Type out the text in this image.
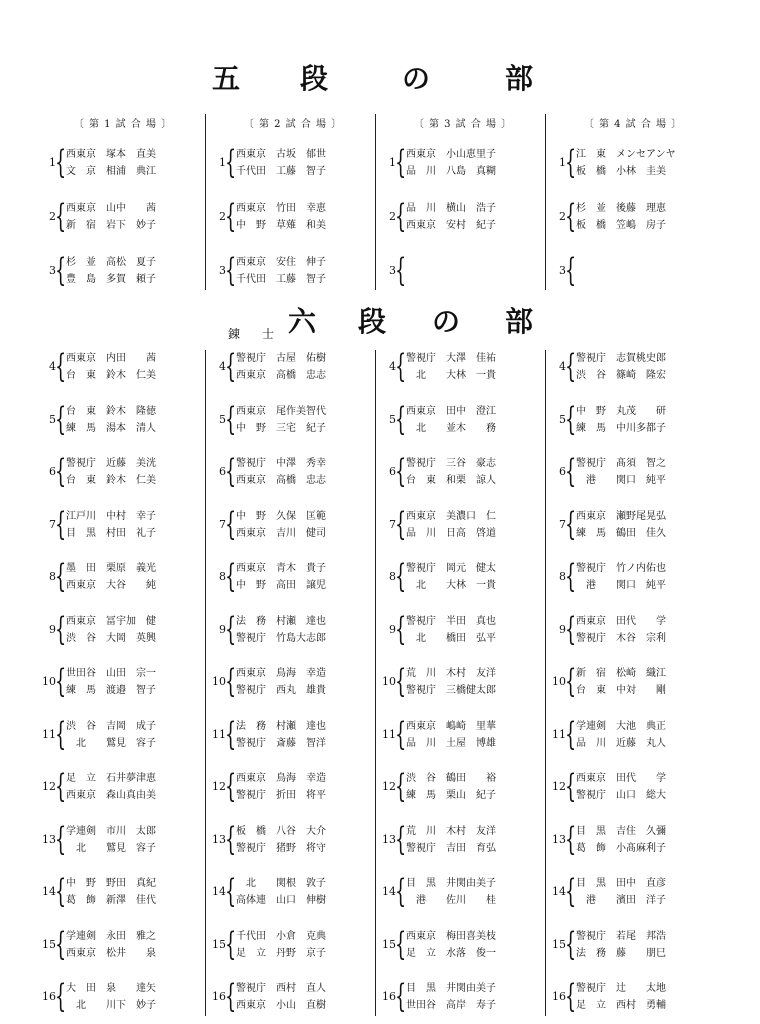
五 段	の	部
錬 士 六 段 の 部
〔 第 1 試 合 場 〕
1 { 西東京 塚本　直美
文　京 相浦　典江
2 { 西東京 山中　　茜
新　宿 岩下　妙子
3 { 杉　並 高松　夏子
豊　島 多賀　頼子
4 { 西東京 内田　　茜
台　東 鈴木　仁美
5 { 台　東 鈴木　隆徳
練　馬 湯本　清人
6 { 警視庁 近藤　美洸
台　東 鈴木　仁美
7 { 江戸川 中村　幸子
目　黒 村田　礼子
8 { 墨　田 栗原　義光
西東京 大谷　　純
9 { 西東京 冨宇加　健
渋　谷 大岡　英興
10 { 世田谷 山田　宗一
練　馬 渡邉　智子
11 { 渋　谷 吉岡　成子
　北 鷲見　容子
12 { 足　立 石井夢津恵
西東京 森山真由美
13 { 学連剣 市川　太郎
　北 鷲見　容子
14 { 中　野 野田　真紀
葛　飾 新澤　佳代
15 { 学連剣 永田　雅之
西東京 松井　　泉
16 { 大　田 泉　　達矢
　北 川下　妙子
〔 第 2 試 合 場 〕
1 { 西東京 古坂　郁世
千代田 工藤　智子
2 { 西東京 竹田　幸恵
中　野 草薙　和美
3 { 西東京 安住　伸子
千代田 工藤　智子
4 { 警視庁 古屋　佑樹
西東京 高橋　忠志
5 { 西東京 尾作美智代
中　野 三宅　紀子
6 { 警視庁 中澤　秀幸
西東京 高橋　忠志
7 { 中　野 久保　匡範
西東京 吉川　健司
8 { 西東京 青木　貴子
中　野 高田　譲児
9 { 法　務 村瀬　達也
警視庁 竹島大志郎
10 { 西東京 鳥海　幸造
警視庁 西丸　雄貴
11 { 法　務 村瀬　達也
警視庁 斎藤　智洋
12 { 西東京 鳥海　幸造
警視庁 折田　将平
13 { 板　橋 八谷　大介
警視庁 猪野　将守
14 { 　北 関根　敦子
高体連 山口　伸樹
15 { 千代田 小倉　克典
足　立 丹野　京子
16 { 警視庁 西村　直人
西東京 小山　直樹
〔 第 3 試 合 場 〕
1 { 西東京 小山恵里子
品　川 八島　真糊
2 { 品　川 横山　浩子
西東京 安村　紀子
3 {
4 { 警視庁 大澤　佳祐
　北 大林　一貴
5 { 西東京 田中　澄江
　北 並木　　務
6 { 警視庁 三谷　豪志
台　東 和栗　諒人
7 { 西東京 美濃口　仁
品　川 日高　啓道
8 { 警視庁 岡元　健太
　北 大林　一貴
9 { 警視庁 半田　真也
　北 橋田　弘平
10 { 荒　川 木村　友洋
警視庁 三橋健太郎
11 { 西東京 嶋崎　里華
品　川 土屋　博雄
12 { 渋　谷 鶴田　　裕
練　馬 栗山　紀子
13 { 荒　川 木村　友洋
警視庁 吉田　育弘
14 { 目　黒 井関由美子
　港 佐川　　桂
15 { 西東京 梅田喜美枝
足　立 水落　俊一
16 { 目　黒 井関由美子
世田谷 高岸　寿子
〔 第 4 試 合 場 〕
1 { 江　東 メンセアンヤ
板　橋 小林　圭美
2 { 杉　並 後藤　理恵
板　橋 笠嶋　房子
3 {
4 { 警視庁 志賀桃史郎
渋　谷 篠崎　隆宏
5 { 中　野 丸茂　　研
練　馬 中川多都子
6 { 警視庁 髙須　智之
　港 関口　純平
7 { 西東京 瀬野尾晃弘
練　馬 鶴田　佳久
8 { 警視庁 竹ノ内佑也
　港 関口　純平
9 { 西東京 田代　　学
警視庁 木谷　宗利
10 { 新　宿 松崎　織江
台　東 中対　　剛
11 { 学連剣 大池　典正
品　川 近藤　丸人
12 { 西東京 田代　　学
警視庁 山口　総大
13 { 目　黒 吉住　久彌
葛　飾 小髙麻利子
14 { 目　黒 田中　直彦
　港 濱田　洋子
15 { 警視庁 若尾　邦浩
法　務 藤　　朋巳
16 { 警視庁 辻　　太地
足　立 西村　勇輔
